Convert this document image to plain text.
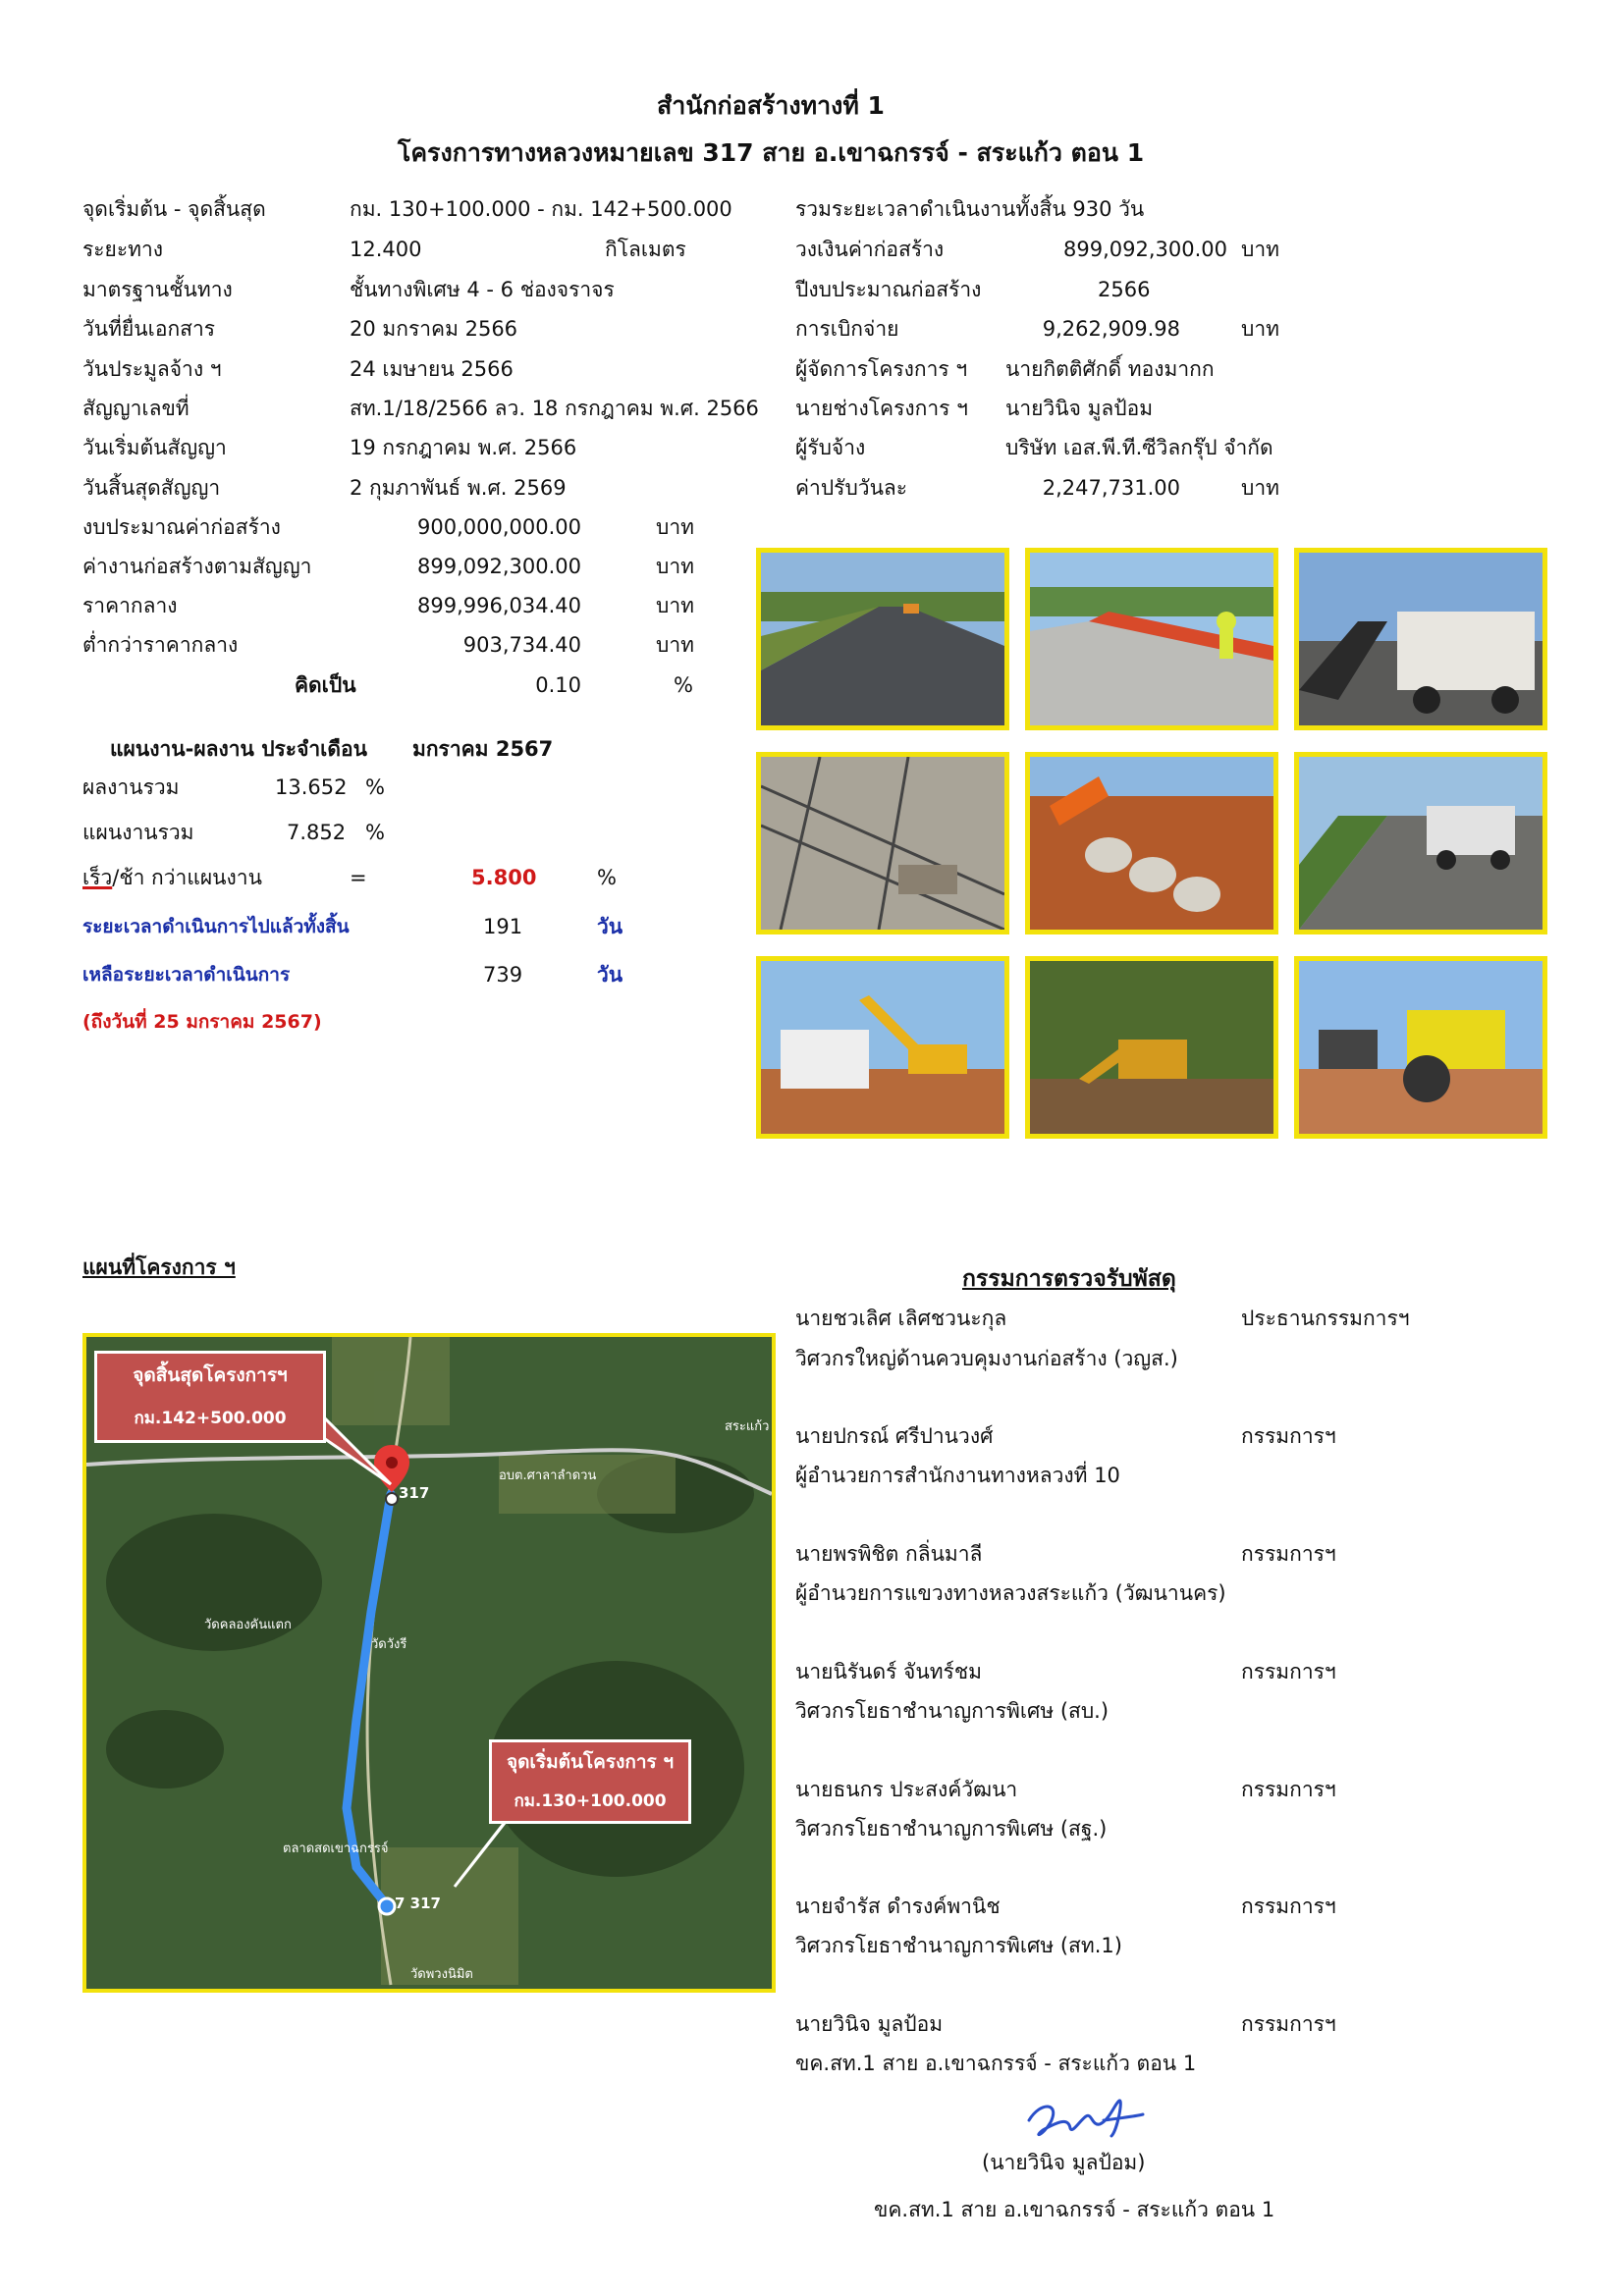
สำนักก่อสร้างทางที่ 1
โครงการทางหลวงหมายเลข 317 สาย อ.เขาฉกรรจ์ - สระแก้ว ตอน 1
จุดเริ่มต้น - จุดสิ้นสุด	กม. 130+100.000 - กม. 142+500.000
ระยะทาง	12.400	กิโลเมตร
มาตรฐานชั้นทาง	ชั้นทางพิเศษ 4 - 6 ช่องจราจร
วันที่ยื่นเอกสาร	20 มกราคม 2566
วันประมูลจ้าง ฯ	24 เมษายน 2566
สัญญาเลขที่	สท.1/18/2566 ลว. 18 กรกฎาคม พ.ศ. 2566
วันเริ่มต้นสัญญา	19 กรกฎาคม พ.ศ. 2566
วันสิ้นสุดสัญญา	2 กุมภาพันธ์ พ.ศ. 2569
งบประมาณค่าก่อสร้าง	900,000,000.00	บาท
ค่างานก่อสร้างตามสัญญา	899,092,300.00	บาท
ราคากลาง	899,996,034.40	บาท
ต่ำกว่าราคากลาง	903,734.40	บาท
คิดเป็น	0.10	%
รวมระยะเวลาดำเนินงานทั้งสิ้น 930 วัน
วงเงินค่าก่อสร้าง	899,092,300.00 บาท
ปีงบประมาณก่อสร้าง	2566
การเบิกจ่าย	9,262,909.98	บาท
ผู้จัดการโครงการ ฯ นายกิตติศักดิ์ ทองมากก
นายช่างโครงการ ฯ นายวินิจ มูลป้อม
ผู้รับจ้าง	บริษัท เอส.พี.ที.ซีวิลกรุ๊ป จำกัด
ค่าปรับวันละ	2,247,731.00	บาท
แผนงาน-ผลงาน ประจำเดือน มกราคม 2567
ผลงานรวม	13.652 %
แผนงานรวม	7.852 %
เร็ว/ช้า กว่าแผนงาน	=	5.800	%
ระยะเวลาดำเนินการไปแล้วทั้งสิ้น	191	วัน
เหลือระยะเวลาดำเนินการ	739	วัน
(ถึงวันที่ 25 มกราคม 2567)
แผนที่โครงการ ฯ
317
7 317
สระแก้ว
อบต.ศาลาลำดวน
วัดวังรี
วัดคลองคันแตก
ตลาดสดเขาฉกรรจ์
วัดพวงนิมิต
จุดสิ้นสุดโครงการฯ
กม.142+500.000
จุดเริ่มต้นโครงการ ฯ
กม.130+100.000
กรรมการตรวจรับพัสดุ
นายชวเลิศ เลิศชวนะกุล	ประธานกรรมการฯ
วิศวกรใหญ่ด้านควบคุมงานก่อสร้าง (วญส.)
นายปกรณ์ ศรีปานวงศ์	กรรมการฯ
ผู้อำนวยการสำนักงานทางหลวงที่ 10
นายพรพิชิต กลิ่นมาลี	กรรมการฯ
ผู้อำนวยการแขวงทางหลวงสระแก้ว (วัฒนานคร)
นายนิรันดร์ จันทร์ชม	กรรมการฯ
วิศวกรโยธาชำนาญการพิเศษ (สบ.)
นายธนกร ประสงค์วัฒนา	กรรมการฯ
วิศวกรโยธาชำนาญการพิเศษ (สฐ.)
นายจำรัส ดำรงค์พานิช	กรรมการฯ
วิศวกรโยธาชำนาญการพิเศษ (สท.1)
นายวินิจ มูลป้อม	กรรมการฯ
ขค.สท.1 สาย อ.เขาฉกรรจ์ - สระแก้ว ตอน 1
(นายวินิจ มูลป้อม)
ขค.สท.1 สาย อ.เขาฉกรรจ์ - สระแก้ว ตอน 1
